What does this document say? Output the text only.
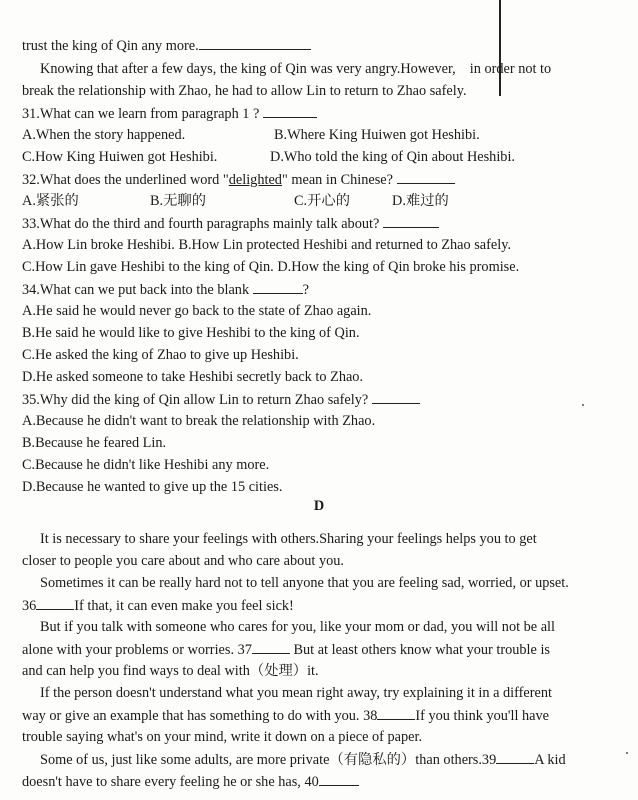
trust the king of Qin any more.
Knowing that after a few days, the king of Qin was very angry.However, in order not to
break the relationship with Zhao, he had to allow Lin to return to Zhao safely.
31.What can we learn from paragraph 1 ?
A.When the story happened.	B.Where King Huiwen got Heshibi.
C.How King Huiwen got Heshibi.	D.Who told the king of Qin about Heshibi.
32.What does the underlined word "delighted" mean in Chinese?
A.紧张的	B.无聊的	C.开心的	D.难过的
33.What do the third and fourth paragraphs mainly talk about?
A.How Lin broke Heshibi. B.How Lin protected Heshibi and returned to Zhao safely.
C.How Lin gave Heshibi to the king of Qin. D.How the king of Qin broke his promise.
34.What can we put back into the blank	?
A.He said he would never go back to the state of Zhao again.
B.He said he would like to give Heshibi to the king of Qin.
C.He asked the king of Zhao to give up Heshibi.
D.He asked someone to take Heshibi secretly back to Zhao.
35.Why did the king of Qin allow Lin to return Zhao safely?
A.Because he didn't want to break the relationship with Zhao.
B.Because he feared Lin.
C.Because he didn't like Heshibi any more.
D.Because he wanted to give up the 15 cities.
D
It is necessary to share your feelings with others.Sharing your feelings helps you to get
closer to people you care about and who care about you.
Sometimes it can be really hard not to tell anyone that you are feeling sad, worried, or upset.
36	If that, it can even make you feel sick!
But if you talk with someone who cares for you, like your mom or dad, you will not be all
alone with your problems or worries. 37	But at least others know what your trouble is
and can help you find ways to deal with（处理）it.
If the person doesn't understand what you mean right away, try explaining it in a different
way or give an example that has something to do with you. 38	If you think you'll have
trouble saying what's on your mind, write it down on a piece of paper.
Some of us, just like some adults, are more private（有隐私的）than others.39	A kid
doesn't have to share every feeling he or she has, 40
